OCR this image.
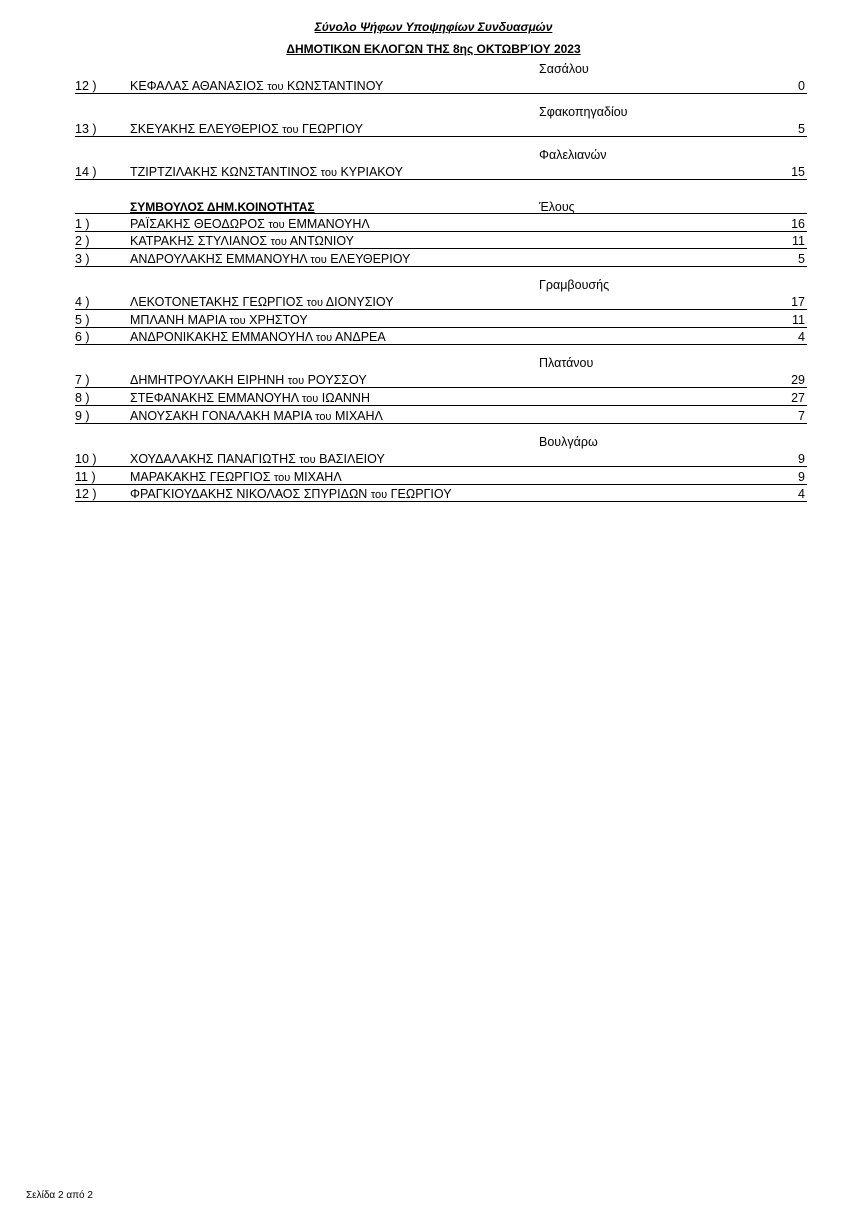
Σύνολο Ψήφων Υποψηφίων Συνδυασμών
ΔΗΜΟΤΙΚΩΝ ΕΚΛΟΓΩΝ ΤΗΣ 8ης ΟΚΤΩΒΡΊΟΥ 2023
Σασάλου
12 )	ΚΕΦΑΛΑΣ ΑΘΑΝΑΣΙΟΣ του ΚΩΝΣΤΑΝΤΙΝΟΥ	0
Σφακοπηγαδίου
13 )	ΣΚΕΥΑΚΗΣ ΕΛΕΥΘΕΡΙΟΣ του ΓΕΩΡΓΙΟΥ	5
Φαλελιανών
14 )	ΤΖΙΡΤΖΙΛΑΚΗΣ ΚΩΝΣΤΑΝΤΙΝΟΣ του ΚΥΡΙΑΚΟΥ	15
ΣΥΜΒΟΥΛΟΣ ΔΗΜ.ΚΟΙΝΟΤΗΤΑΣ	Έλους
1 )	ΡΑΪΣΑΚΗΣ ΘΕΟΔΩΡΟΣ του ΕΜΜΑΝΟΥΗΛ	16
2 )	ΚΑΤΡΑΚΗΣ ΣΤΥΛΙΑΝΟΣ του ΑΝΤΩΝΙΟΥ	11
3 )	ΑΝΔΡΟΥΛΑΚΗΣ ΕΜΜΑΝΟΥΗΛ του ΕΛΕΥΘΕΡΙΟΥ	5
Γραμβουσής
4 )	ΛΕΚΟΤΟΝΕΤΑΚΗΣ ΓΕΩΡΓΙΟΣ του ΔΙΟΝΥΣΙΟΥ	17
5 )	ΜΠΛΑΝΗ ΜΑΡΙΑ του ΧΡΗΣΤΟΥ	11
6 )	ΑΝΔΡΟΝΙΚΑΚΗΣ ΕΜΜΑΝΟΥΗΛ του ΑΝΔΡΕΑ	4
Πλατάνου
7 )	ΔΗΜΗΤΡΟΥΛΑΚΗ ΕΙΡΗΝΗ του ΡΟΥΣΣΟΥ	29
8 )	ΣΤΕΦΑΝΑΚΗΣ ΕΜΜΑΝΟΥΗΛ του ΙΩΑΝΝΗ	27
9 )	ΑΝΟΥΣΑΚΗ ΓΟΝΑΛΑΚΗ ΜΑΡΙΑ του ΜΙΧΑΗΛ	7
Βουλγάρω
10 )	ΧΟΥΔΑΛΑΚΗΣ ΠΑΝΑΓΙΩΤΗΣ του ΒΑΣΙΛΕΙΟΥ	9
11 )	ΜΑΡΑΚΑΚΗΣ ΓΕΩΡΓΙΟΣ του ΜΙΧΑΗΛ	9
12 )	ΦΡΑΓΚΙΟΥΔΑΚΗΣ ΝΙΚΟΛΑΟΣ ΣΠΥΡΙΔΩΝ του ΓΕΩΡΓΙΟΥ	4
Σελίδα 2 από 2
